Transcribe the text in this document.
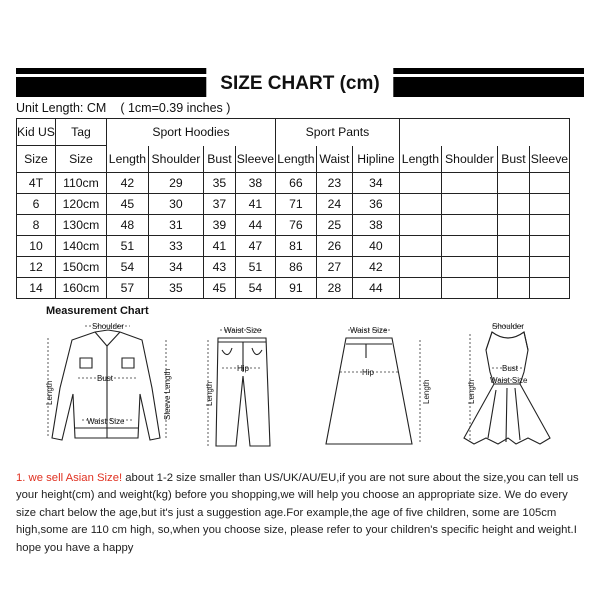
SIZE CHART (cm)
Unit Length: CM ( 1cm=0.39 inches )
Kid US	Tag	Sport Hoodies				Sport Pants						
Size	Size	Length	Shoulder	Bust	Sleeve	Length	Waist	Hipline	Length	Shoulder	Bust	Sleeve
4T	110cm	42	29	35	38	66	23	34				
6	120cm	45	30	37	41	71	24	36				
8	130cm	48	31	39	44	76	25	38				
10	140cm	51	33	41	47	81	26	40				
12	150cm	54	34	43	51	86	27	42				
14	160cm	57	35	45	54	91	28	44				
Measurement Chart
Shoulder
Bust
Waist Size
Length	Sleeve Length
Waist Size
Hip
Length
Waist Size
Hip
Length
Shoulder
Bust
Waist Size
Length
1. we sell Asian Size! about 1-2 size smaller than US/UK/AU/EU,if you are not sure about the size,you can tell us your height(cm) and weight(kg) before you shopping,we will help you choose an appropriate size. We do every size chart below the age,but it's just a suggestion age.For example,the age of five children, some are 105cm high,some are 110 cm high, so,when you choose size, please refer to your children's specific height and weight.I hope you have a happy
